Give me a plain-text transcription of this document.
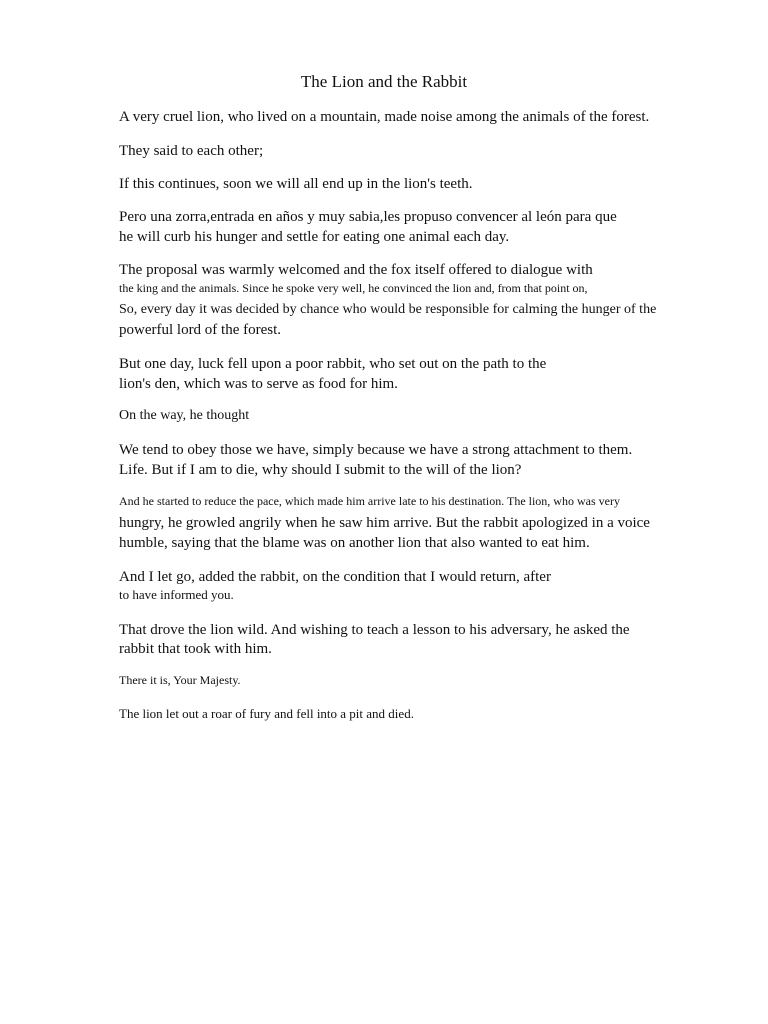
The Lion and the Rabbit
A very cruel lion, who lived on a mountain, made noise among the animals of the forest.
They said to each other;
If this continues, soon we will all end up in the lion's teeth.
Pero una zorra,entrada en años y muy sabia,les propuso convencer al león para que
he will curb his hunger and settle for eating one animal each day.
The proposal was warmly welcomed and the fox itself offered to dialogue with
the king and the animals. Since he spoke very well, he convinced the lion and, from that point on,
So, every day it was decided by chance who would be responsible for calming the hunger of the
powerful lord of the forest.
But one day, luck fell upon a poor rabbit, who set out on the path to the
lion's den, which was to serve as food for him.
On the way, he thought
We tend to obey those we have, simply because we have a strong attachment to them.
Life. But if I am to die, why should I submit to the will of the lion?
And he started to reduce the pace, which made him arrive late to his destination. The lion, who was very
hungry, he growled angrily when he saw him arrive. But the rabbit apologized in a voice
humble, saying that the blame was on another lion that also wanted to eat him.
And I let go, added the rabbit, on the condition that I would return, after
to have informed you.
That drove the lion wild. And wishing to teach a lesson to his adversary, he asked the
rabbit that took with him.
There it is, Your Majesty.
The lion let out a roar of fury and fell into a pit and died.
